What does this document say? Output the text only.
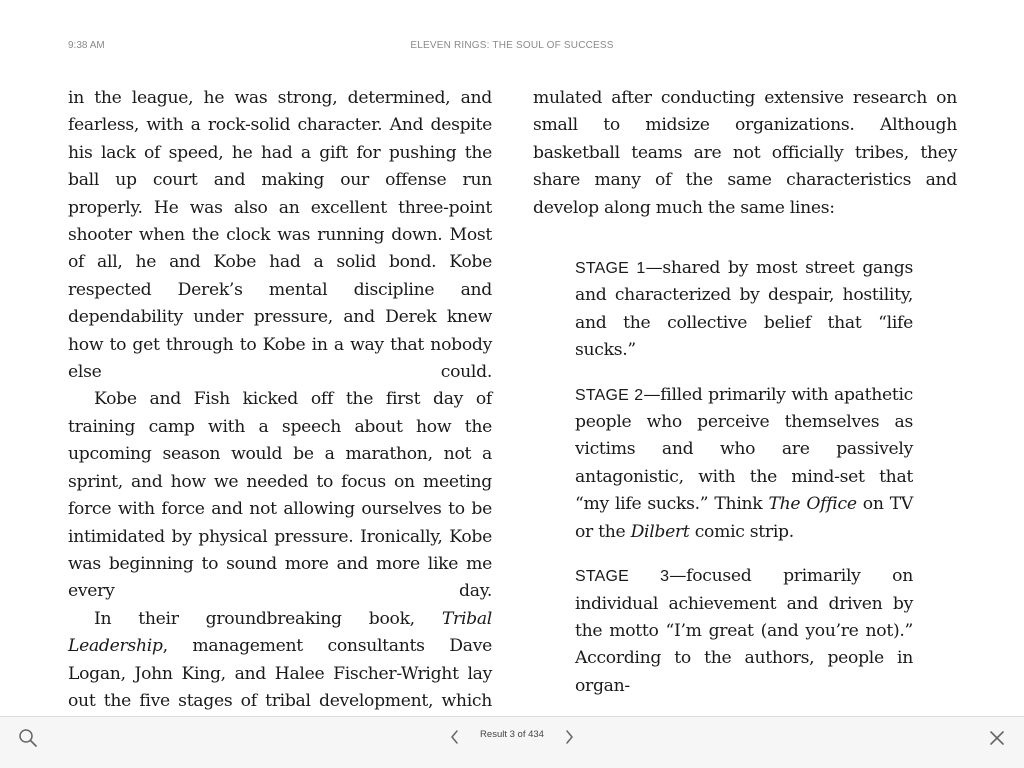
9:38 AM	ELEVEN RINGS: THE SOUL OF SUCCESS

in the league, he was strong, determined, and fearless, with a rock-solid character. And despite his lack of speed, he had a gift for pushing the ball up court and making our offense run properly. He was also an excellent three-point shooter when the clock was running down. Most of all, he and Kobe had a solid bond. Kobe respected Derek’s mental discipline and dependability under pressure, and Derek knew how to get through to Kobe in a way that nobody else could.

Kobe and Fish kicked off the first day of training camp with a speech about how the upcoming season would be a marathon, not a sprint, and how we needed to focus on meeting force with force and not allowing ourselves to be intimidated by physical pressure. Ironically, Kobe was beginning to sound more and more like me every day.

In their groundbreaking book, Tribal Leadership, management consultants Dave Logan, John King, and Halee Fischer-Wright lay out the five stages of tribal development, which

mulated after conducting extensive research on small to midsize organizations. Although basketball teams are not officially tribes, they share many of the same characteristics and develop along much the same lines:

STAGE 1—shared by most street gangs and characterized by despair, hostility, and the collective belief that “life sucks.”

STAGE 2—filled primarily with apathetic people who perceive themselves as victims and who are passively antagonistic, with the mind-set that “my life sucks.” Think The Office on TV or the Dilbert comic strip.

STAGE 3—focused primarily on individual achievement and driven by the motto “I’m great (and you’re not).” According to the authors, people in organ-

Result 3 of 434
